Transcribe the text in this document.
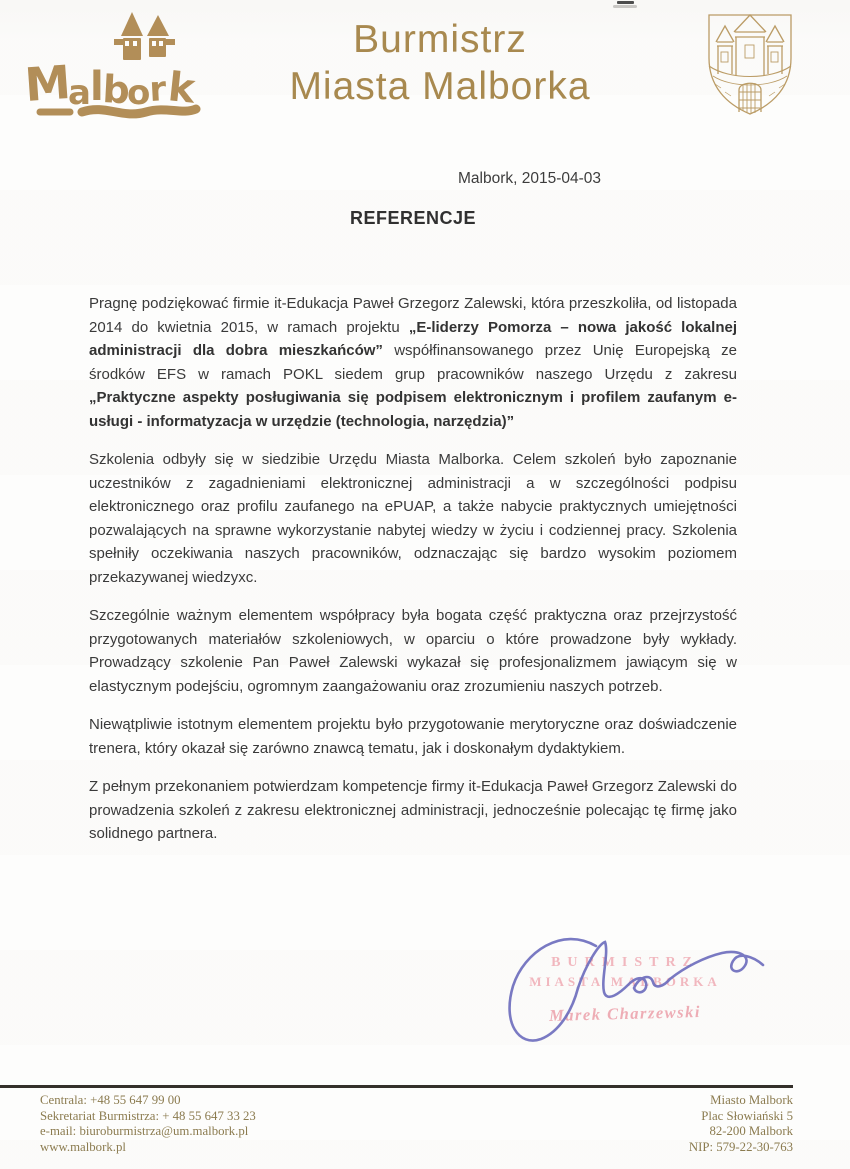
M
a l
b
o
r
k
Burmistrz
Miasta Malborka
Malbork, 2015-04-03
REFERENCJE

Pragnę podziękować firmie it-Edukacja Paweł Grzegorz Zalewski, która przeszkoliła, od listopada 2014 do kwietnia 2015, w ramach projektu „E-liderzy Pomorza – nowa jakość lokalnej administracji dla dobra mieszkańców” współfinansowanego przez Unię Europejską ze środków EFS w ramach POKL siedem grup pracowników naszego Urzędu z zakresu „Praktyczne aspekty posługiwania się podpisem elektronicznym i profilem zaufanym e-usługi - informatyzacja w urzędzie (technologia, narzędzia)”

Szkolenia odbyły się w siedzibie Urzędu Miasta Malborka. Celem szkoleń było zapoznanie uczestników z zagadnieniami elektronicznej administracji a w szczególności podpisu elektronicznego oraz profilu zaufanego na ePUAP, a także nabycie praktycznych umiejętności pozwalających na sprawne wykorzystanie nabytej wiedzy w życiu i codziennej pracy. Szkolenia spełniły oczekiwania naszych pracowników, odznaczając się bardzo wysokim poziomem przekazywanej wiedzyxc.

Szczególnie ważnym elementem współpracy była bogata część praktyczna oraz przejrzystość przygotowanych materiałów szkoleniowych, w oparciu o które prowadzone były wykłady. Prowadzący szkolenie Pan Paweł Zalewski wykazał się profesjonalizmem jawiącym się w elastycznym podejściu, ogromnym zaangażowaniu oraz zrozumieniu naszych potrzeb.

Niewątpliwie istotnym elementem projektu było przygotowanie merytoryczne oraz doświadczenie trenera, który okazał się zarówno znawcą tematu, jak i doskonałym dydaktykiem.

Z pełnym przekonaniem potwierdzam kompetencje firmy it-Edukacja Paweł Grzegorz Zalewski do prowadzenia szkoleń z zakresu elektronicznej administracji, jednocześnie polecając tę firmę jako solidnego partnera.

BURMISTRZ
MIASTA MALBORKA
Marek Charzewski
Centrala: +48 55 647 99 00
Sekretariat Burmistrza: + 48 55 647 33 23
e-mail: biuroburmistrza@um.malbork.pl
www.malbork.pl
Miasto Malbork
Plac Słowiański 5
82-200 Malbork
NIP: 579-22-30-763
